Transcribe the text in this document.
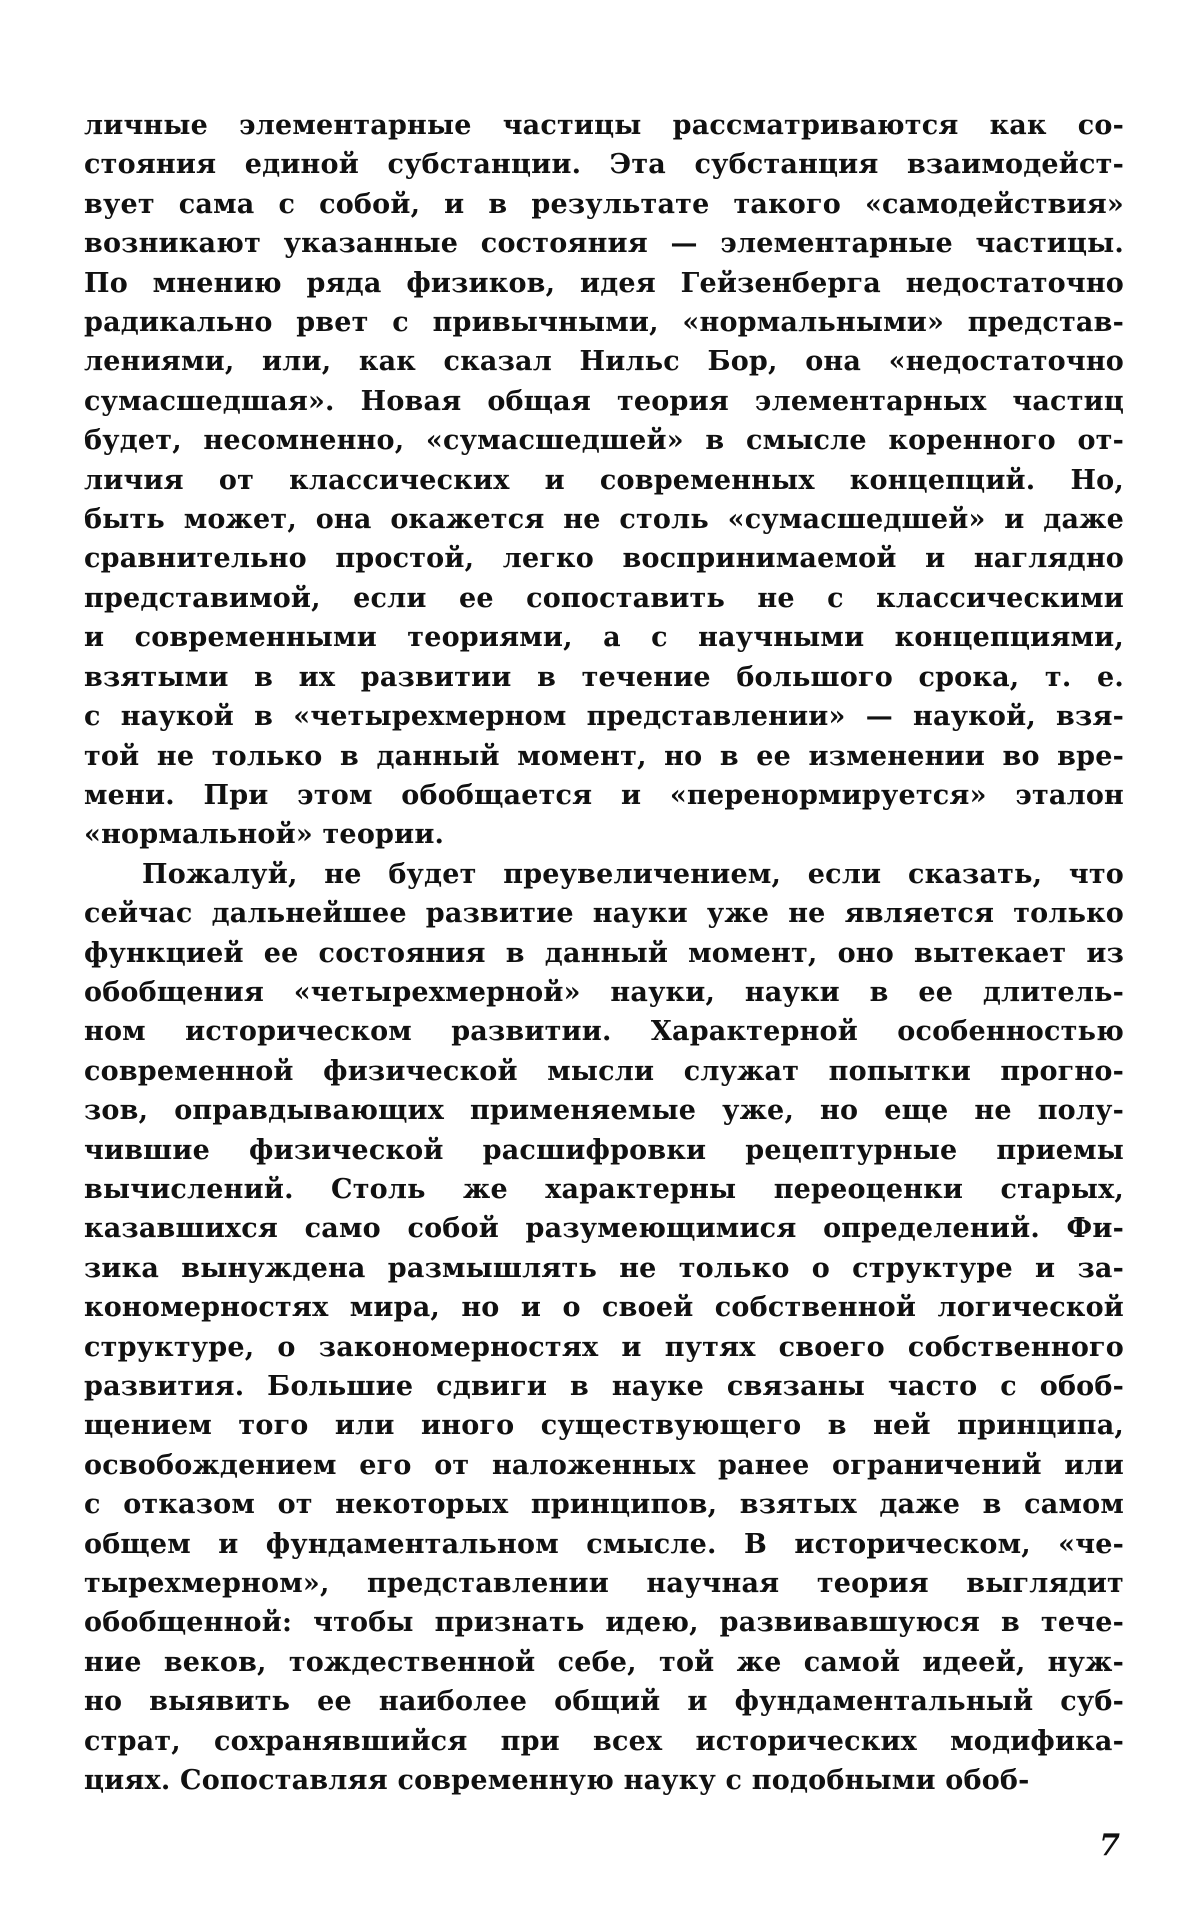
личные элементарные частицы рассматриваются как со-
стояния единой субстанции. Эта субстанция взаимодейст-
вует сама с собой, и в результате такого «самодействия»
возникают указанные состояния — элементарные частицы.
По мнению ряда физиков, идея Гейзенберга недостаточно
радикально рвет с привычными, «нормальными» представ-
лениями, или, как сказал Нильс Бор, она «недостаточно
сумасшедшая». Новая общая теория элементарных частиц
будет, несомненно, «сумасшедшей» в смысле коренного от-
личия от классических и современных концепций. Но,
быть может, она окажется не столь «сумасшедшей» и даже
сравнительно простой, легко воспринимаемой и наглядно
представимой, если ее сопоставить не с классическими
и современными теориями, а с научными концепциями,
взятыми в их развитии в течение большого срока, т. е.
с наукой в «четырехмерном представлении» — наукой, взя-
той не только в данный момент, но в ее изменении во вре-
мени. При этом обобщается и «перенормируется» эталон
«нормальной» теории.

Пожалуй, не будет преувеличением, если сказать, что
сейчас дальнейшее развитие науки уже не является только
функцией ее состояния в данный момент, оно вытекает из
обобщения «четырехмерной» науки, науки в ее длитель-
ном историческом развитии. Характерной особенностью
современной физической мысли служат попытки прогно-
зов, оправдывающих применяемые уже, но еще не полу-
чившие физической расшифровки рецептурные приемы
вычислений. Столь же характерны переоценки старых,
казавшихся само собой разумеющимися определений. Фи-
зика вынуждена размышлять не только о структуре и за-
кономерностях мира, но и о своей собственной логической
структуре, о закономерностях и путях своего собственного
развития. Большие сдвиги в науке связаны часто с обоб-
щением того или иного существующего в ней принципа,
освобождением его от наложенных ранее ограничений или
с отказом от некоторых принципов, взятых даже в самом
общем и фундаментальном смысле. В историческом, «че-
тырехмерном», представлении научная теория выглядит
обобщенной: чтобы признать идею, развивавшуюся в тече-
ние веков, тождественной себе, той же самой идеей, нуж-
но выявить ее наиболее общий и фундаментальный суб-
страт, сохранявшийся при всех исторических модифика-
циях. Сопоставляя современную науку с подобными обоб-

7
